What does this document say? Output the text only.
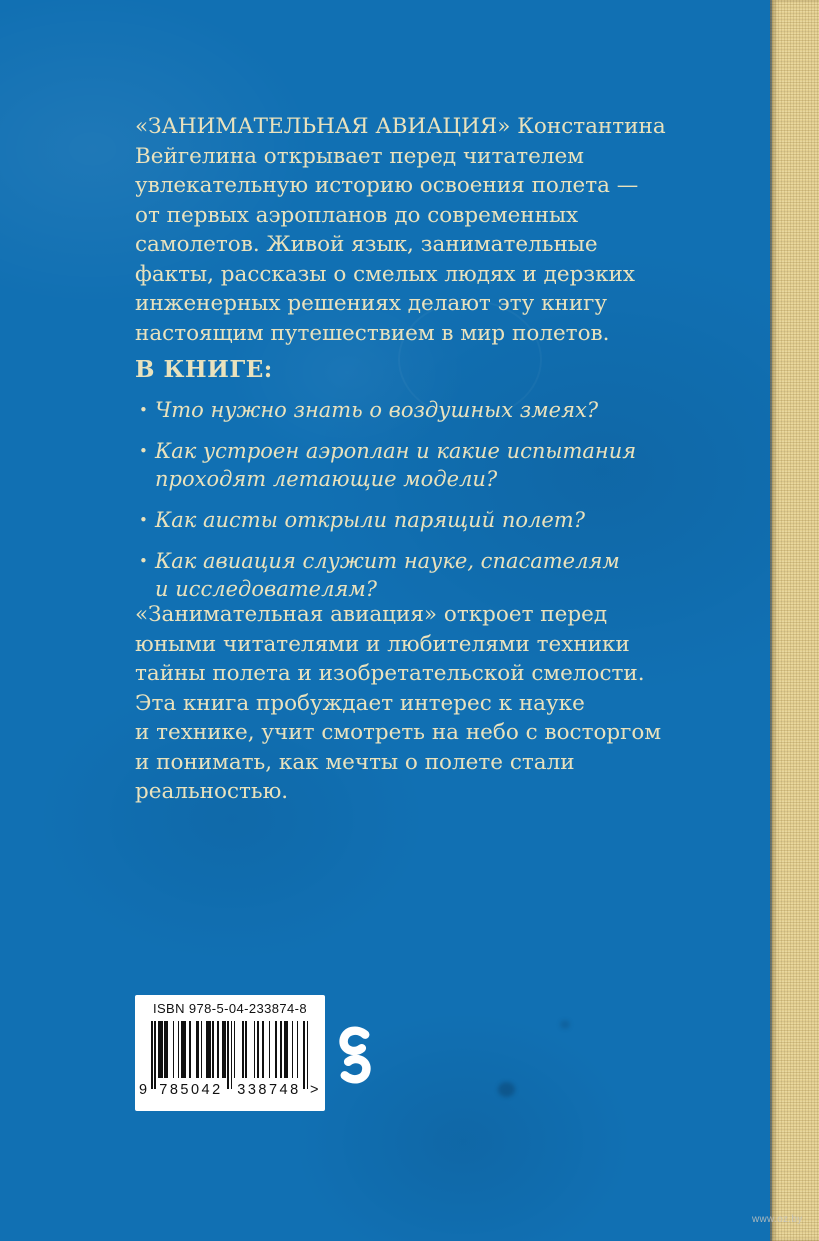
«ЗАНИМАТЕЛЬНАЯ АВИАЦИЯ» Константина
Вейгелина открывает перед читателем
увлекательную историю освоения полета —
от первых аэропланов до современных
самолетов. Живой язык, занимательные
факты, рассказы о смелых людях и дерзких
инженерных решениях делают эту книгу
настоящим путешествием в мир полетов.
В КНИГЕ:
• Что нужно знать о воздушных змеях?
• Как устроен аэроплан и какие испытания
проходят летающие модели?
• Как аисты открыли парящий полет?
• Как авиация служит науке, спасателям
и исследователям?
«Занимательная авиация» откроет перед
юными читателями и любителями техники
тайны полета и изобретательской смелости.
Эта книга пробуждает интерес к науке
и технике, учит смотреть на небо с восторгом
и понимать, как мечты о полете стали
реальностью.
ISBN 978-5-04-233874-8
9 785042 338748 >
www.oz.by
